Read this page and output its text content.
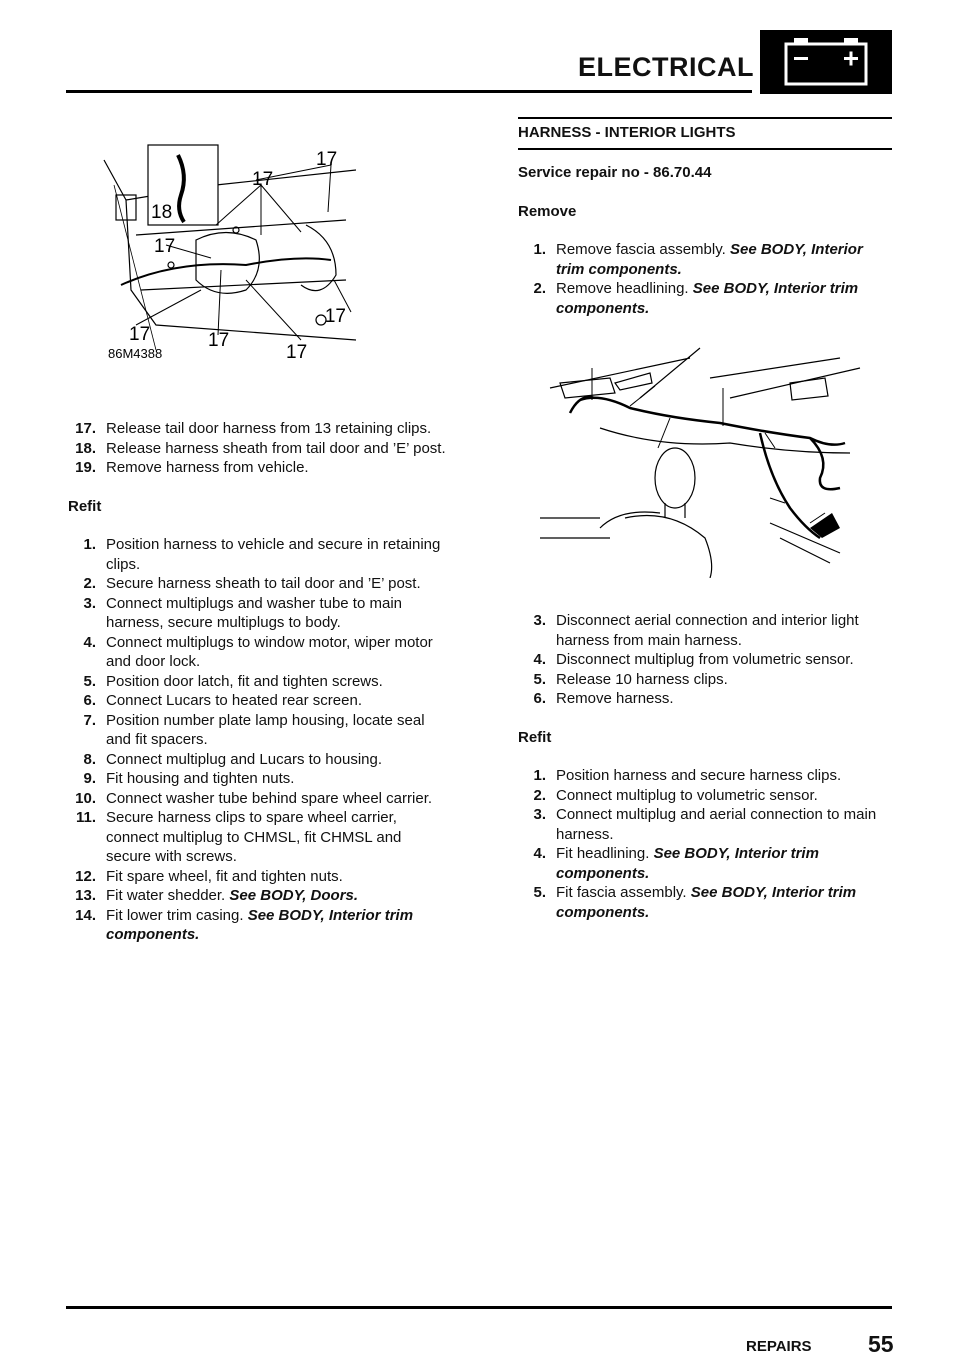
ELECTRICAL
17
17
18
17
17
17	17
17
86M4388
17. Release tail door harness from 13 retaining clips.
18. Release harness sheath from tail door and ’E’ post.
19. Remove harness from vehicle.
Refit
1. Position harness to vehicle and secure in retaining clips.
2. Secure harness sheath to tail door and ’E’ post.
3. Connect multiplugs and washer tube to main harness, secure multiplugs to body.
4. Connect multiplugs to window motor, wiper motor and door lock.
5. Position door latch, fit and tighten screws.
6. Connect Lucars to heated rear screen.
7. Position number plate lamp housing, locate seal and fit spacers.
8. Connect multiplug and Lucars to housing.
9. Fit housing and tighten nuts.
10. Connect washer tube behind spare wheel carrier.
11. Secure harness clips to spare wheel carrier, connect multiplug to CHMSL, fit CHMSL and secure with screws.
12. Fit spare wheel, fit and tighten nuts.
13. Fit water shedder. See BODY, Doors.
14. Fit lower trim casing. See BODY, Interior trim components.
HARNESS - INTERIOR LIGHTS
Service repair no - 86.70.44
Remove
1. Remove fascia assembly. See BODY, Interior trim components.
2. Remove headlining. See BODY, Interior trim components.
3. Disconnect aerial connection and interior light harness from main harness.
4. Disconnect multiplug from volumetric sensor.
5. Release 10 harness clips.
6. Remove harness.
Refit
1. Position harness and secure harness clips.
2. Connect multiplug to volumetric sensor.
3. Connect multiplug and aerial connection to main harness.
4. Fit headlining. See BODY, Interior trim components.
5. Fit fascia assembly. See BODY, Interior trim components.
REPAIRS 55
